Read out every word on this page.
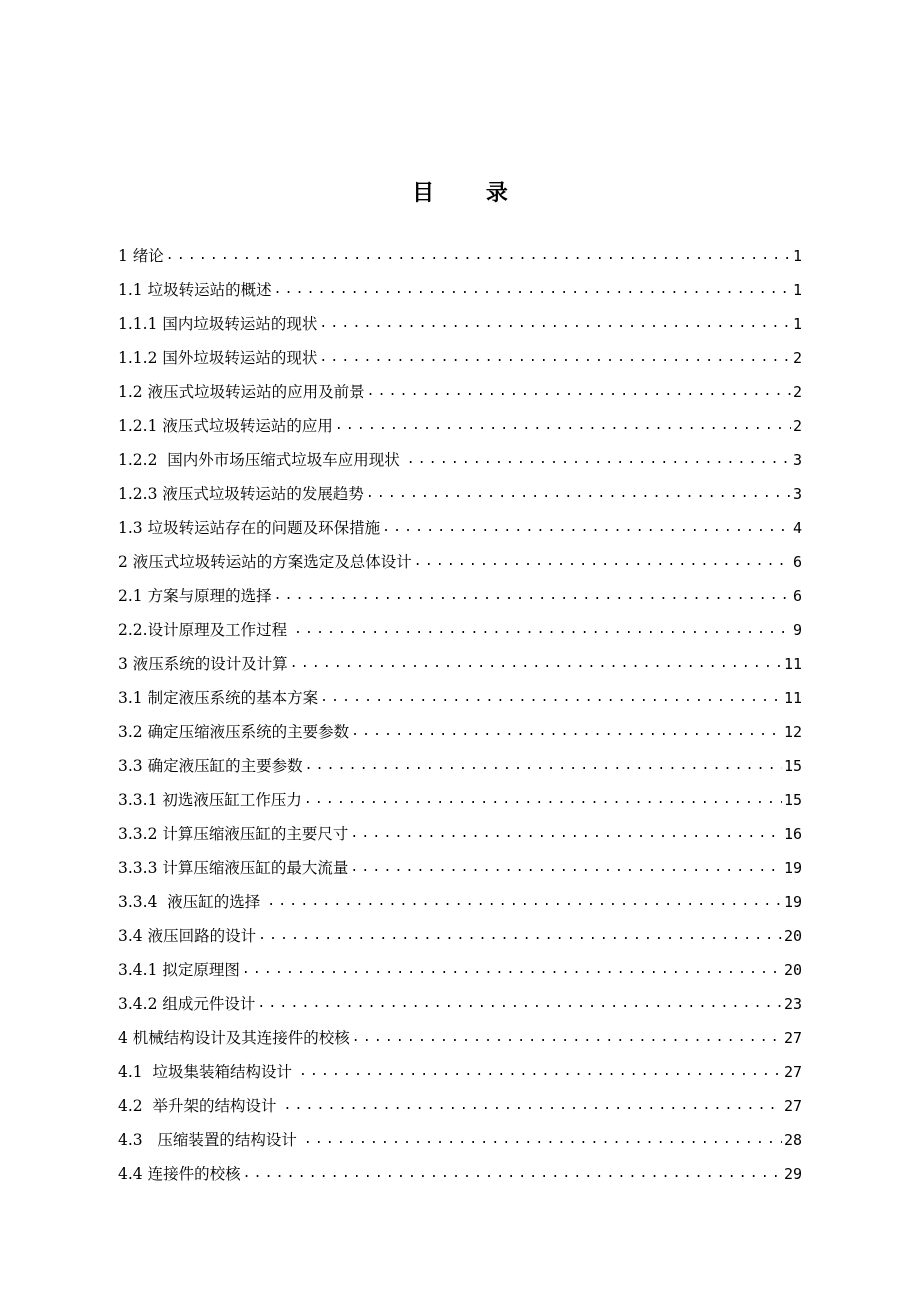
目 录
1 绪论 .....	1
1.1 垃圾转运站的概述 .....	1
1.1.1 国内垃圾转运站的现状 .....	1
1.1.2 国外垃圾转运站的现状 .....	2
1.2 液压式垃圾转运站的应用及前景 .....	2
1.2.1 液压式垃圾转运站的应用 .....	2
1.2.2  国内外市场压缩式垃圾车应用现状 .....	3
1.2.3 液压式垃圾转运站的发展趋势 .....	3
1.3 垃圾转运站存在的问题及环保措施 .....	4
2 液压式垃圾转运站的方案选定及总体设计 .....	6
2.1 方案与原理的选择 .....	6
2.2.设计原理及工作过程 .....	9
3 液压系统的设计及计算 .....	11
3.1 制定液压系统的基本方案 .....	11
3.2 确定压缩液压系统的主要参数 .....	12
3.3 确定液压缸的主要参数 .....	15
3.3.1 初选液压缸工作压力 .....	15
3.3.2 计算压缩液压缸的主要尺寸 .....	16
3.3.3 计算压缩液压缸的最大流量 .....	19
3.3.4  液压缸的选择 .....	19
3.4 液压回路的设计 .....	20
3.4.1 拟定原理图 .....	20
3.4.2 组成元件设计 .....	23
4 机械结构设计及其连接件的校核 .....	27
4.1  垃圾集装箱结构设计 .....	27
4.2  举升架的结构设计 .....	27
4.3   压缩装置的结构设计 .....	28
4.4 连接件的校核 .....	29
